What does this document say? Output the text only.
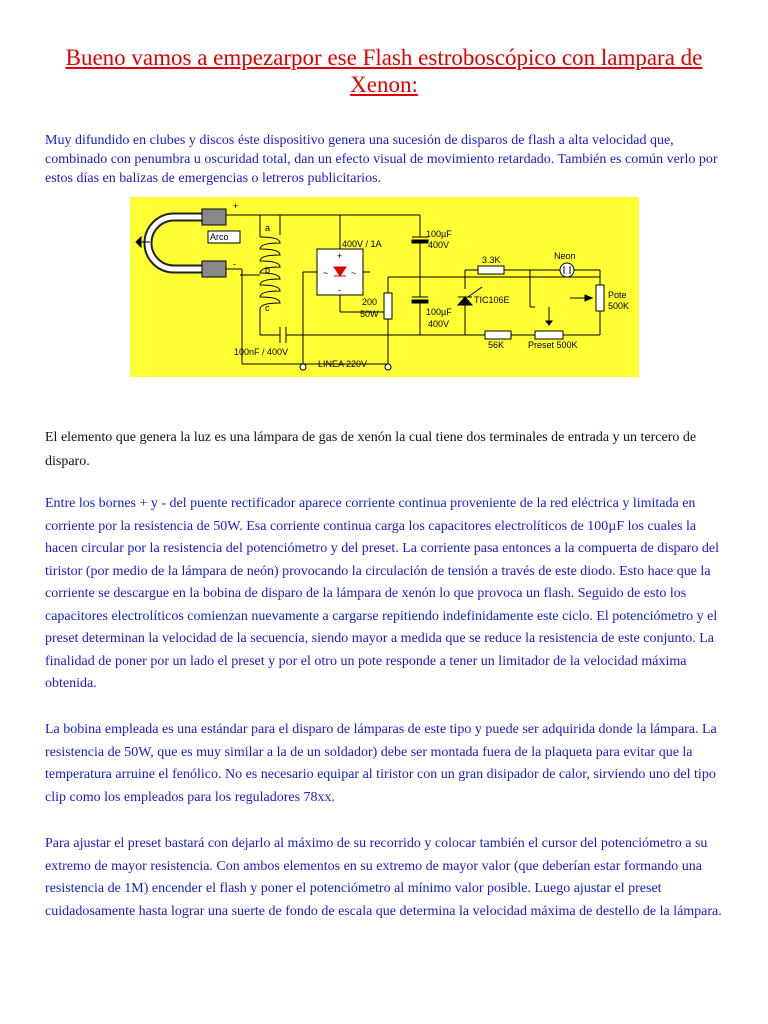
Bueno vamos a empezarpor ese Flash estroboscópico con lampara de Xenon:

Muy difundido en clubes y discos éste dispositivo genera una sucesión de disparos de flash a alta velocidad que, combinado con penumbra u oscuridad total, dan un efecto visual de movimiento retardado. También es común verlo por estos días en balizas de emergencias o letreros publicitarios.

+
-
Arco
a
b
c
400V / 1A
+
-
~	~
100µF
400V
200
50W	100µF
400V
3.3K	Neon
TIC106E	Pote
500K
56K	Preset 500K
100nF / 400V
LINEA 220V

El elemento que genera la luz es una lámpara de gas de xenón la cual tiene dos terminales de entrada y un tercero de disparo.

Entre los bornes + y - del puente rectificador aparece corriente continua proveniente de la red eléctrica y limitada en corriente por la resistencia de 50W. Esa corriente continua carga los capacitores electrolíticos de 100µF los cuales la hacen circular por la resistencia del potenciómetro y del preset. La corriente pasa entonces a la compuerta de disparo del tiristor (por medio de la lámpara de neón) provocando la circulación de tensión a través de este diodo. Esto hace que la corriente se descargue en la bobina de disparo de la lámpara de xenón lo que provoca un flash. Seguido de esto los capacitores electrolíticos comienzan nuevamente a cargarse repitiendo indefinidamente este ciclo. El potenciómetro y el preset determinan la velocidad de la secuencia, siendo mayor a medida que se reduce la resistencia de este conjunto. La finalidad de poner por un lado el preset y por el otro un pote responde a tener un limitador de la velocidad máxima obtenida.

La bobina empleada es una estándar para el disparo de lámparas de este tipo y puede ser adquirida donde la lámpara. La resistencia de 50W, que es muy similar a la de un soldador) debe ser montada fuera de la plaqueta para evitar que la temperatura arruine el fenólico. No es necesario equipar al tiristor con un gran disipador de calor, sirviendo uno del tipo clip como los empleados para los reguladores 78xx.

Para ajustar el preset bastará con dejarlo al máximo de su recorrido y colocar también el cursor del potenciómetro a su extremo de mayor resistencia. Con ambos elementos en su extremo de mayor valor (que deberían estar formando una resistencia de 1M) encender el flash y poner el potenciómetro al mínimo valor posible. Luego ajustar el preset cuidadosamente hasta lograr una suerte de fondo de escala que determina la velocidad máxima de destello de la lámpara.
